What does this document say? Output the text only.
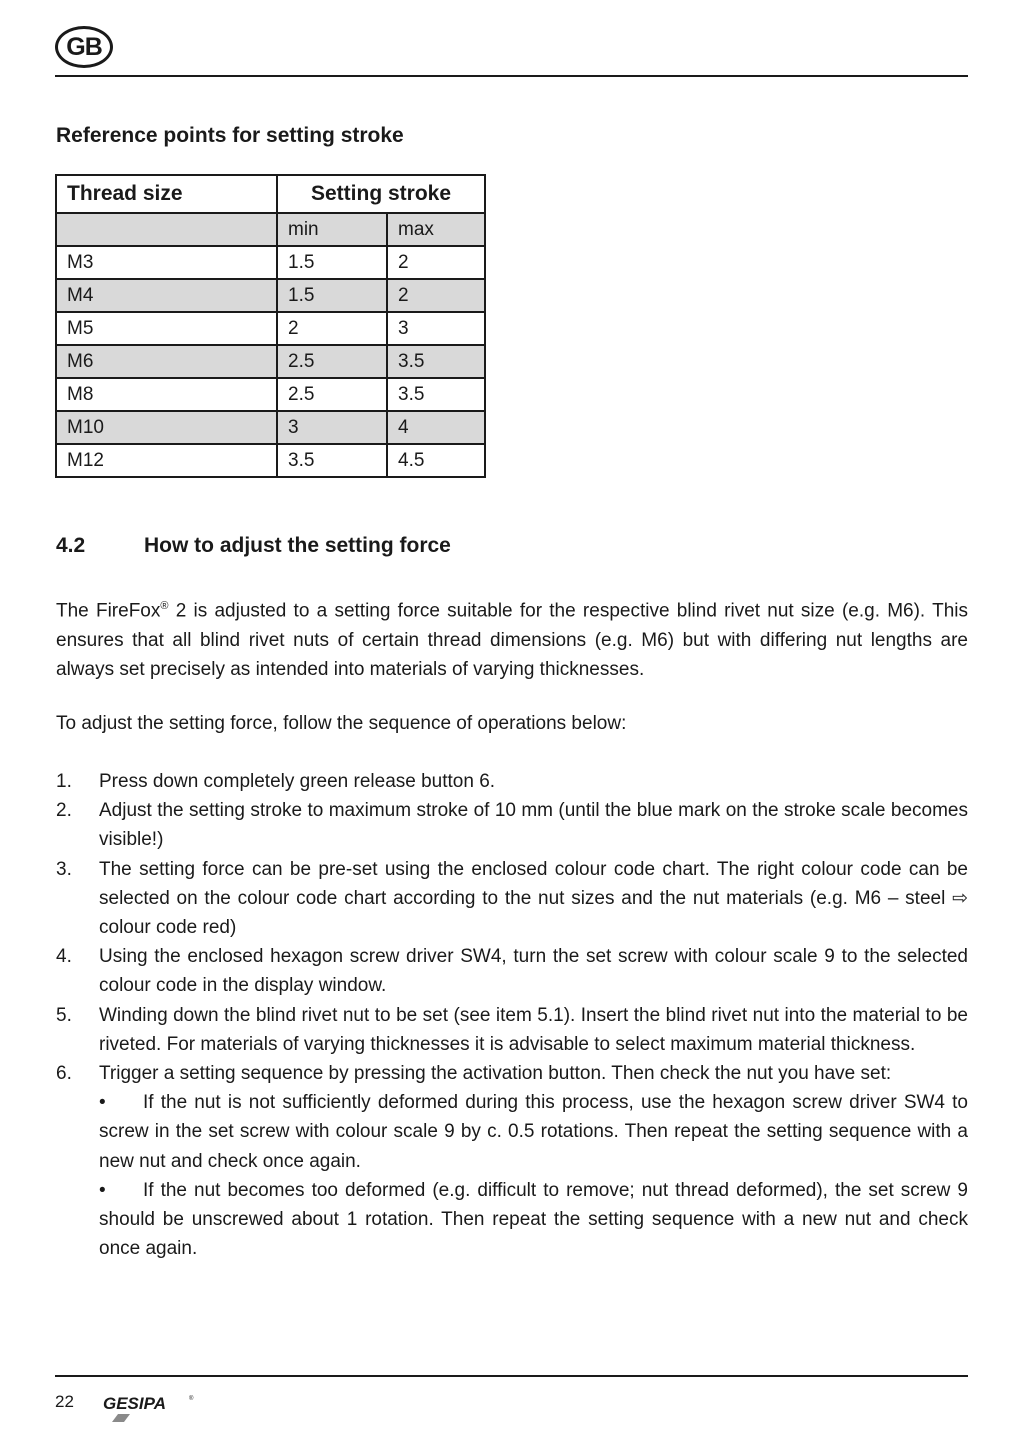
GB
Reference points for setting stroke
Thread size	Setting stroke	
	min	max
M3	1.5	2
M4	1.5	2
M5	2	3
M6	2.5	3.5
M8	2.5	3.5
M10	3	4
M12	3.5	4.5
4.2	How to adjust the setting force

The FireFox® 2 is adjusted to a setting force suitable for the respective blind rivet nut size (e.g. M6). This ensures that all blind rivet nuts of certain thread dimensions (e.g. M6) but with differing nut lengths are always set precisely as intended into materials of varying thicknesses.

To adjust the setting force, follow the sequence of operations below:

1.	Press down completely green release button 6.
2.	Adjust the setting stroke to maximum stroke of 10 mm (until the blue mark on the stroke scale becomes visible!)
3.	The setting force can be pre-set using the enclosed colour code chart. The right colour code can be selected on the colour code chart according to the nut sizes and the nut materials (e.g. M6 – steel ⇨ colour code red)
4.	Using the enclosed hexagon screw driver SW4, turn the set screw with colour scale 9 to the selected colour code in the display window.
5.	Winding down the blind rivet nut to be set (see item 5.1). Insert the blind rivet nut into the material to be riveted. For materials of varying thicknesses it is advisable to select maximum material thickness.
6.	Trigger a setting sequence by pressing the activation button. Then check the nut you have set:
• If the nut is not sufficiently deformed during this process, use the hexagon screw driver SW4 to screw in the set screw with colour scale 9 by c. 0.5 rotations. Then repeat the setting sequence with a new nut and check once again.
• If the nut becomes too deformed (e.g. difficult to remove; nut thread deformed), the set screw 9 should be unscrewed about 1 rotation. Then repeat the setting sequence with a new nut and check once again.
22 GESIPA	®
